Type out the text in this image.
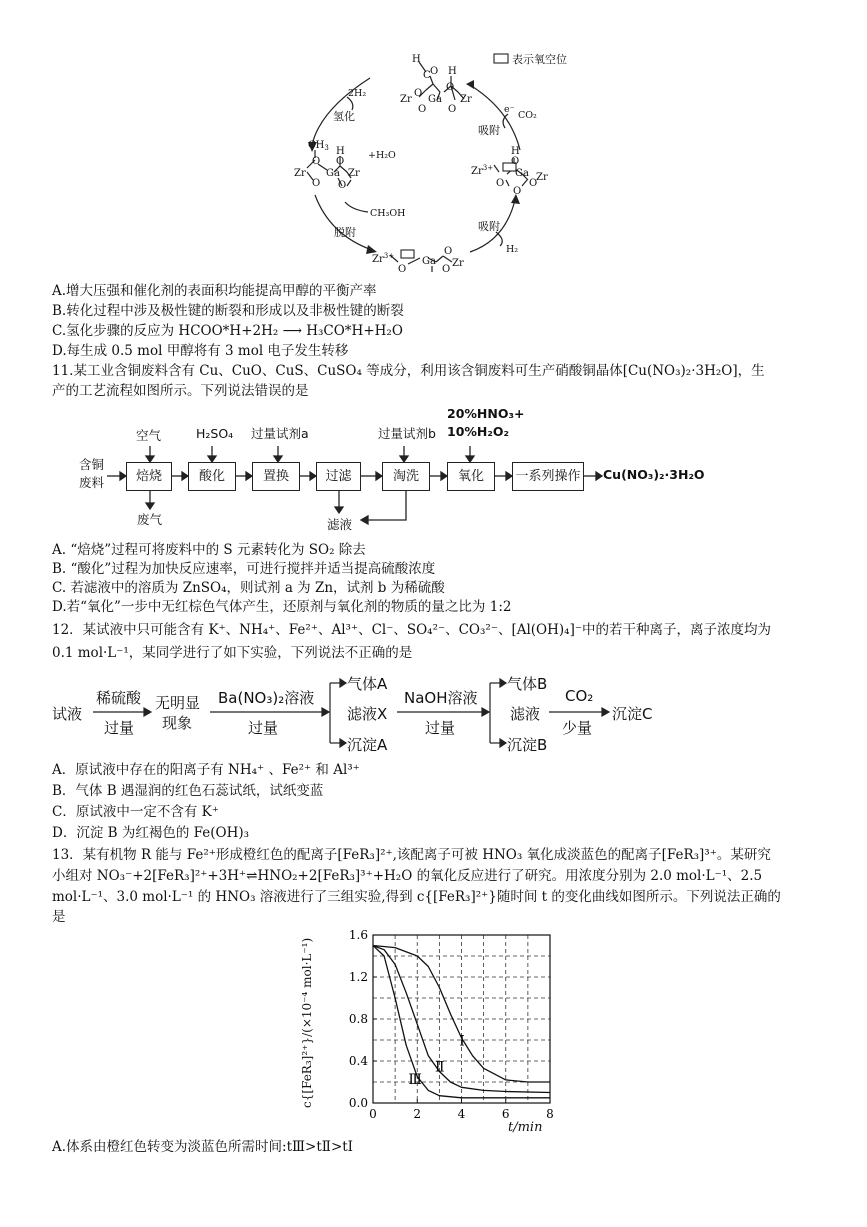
H
C O H
O
Zr
O
Ga Zr
O O
$CH_3$
O
H
O
Zr
O
Ga Zr
O
$Zr^{3+}$
H
O
O
Ga
O
Zr
O
$Zr^{3+}$
O
Ga
O
Zr
O
表示氧空位
2H₂
氢化
e⁻
CO₂
吸附
+H₂O
CH₃OH
脱附	吸附
H₂
A.增大压强和催化剂的表面积均能提高甲醇的平衡产率
B.转化过程中涉及极性键的断裂和形成以及非极性键的断裂
C.氢化步骤的反应为 HCOO*H+2H₂ ⟶ H₃CO*H+H₂O
D.每生成 0.5 mol 甲醇将有 3 mol 电子发生转移
11.某工业含铜废料含有 Cu、CuO、CuS、CuSO₄ 等成分，利用该含铜废料可生产硝酸铜晶体[Cu(NO₃)₂·3H₂O]，生
产的工艺流程如图所示。下列说法错误的是
含铜
废料	焙烧	酸化	置换	过滤	淘洗	氧化	一系列操作 Cu(NO₃)₂·3H₂O
空气	H₂SO₄ 过量试剂a	过量试剂b
20%HNO₃+
10%H₂O₂
废气	滤液
A. “焙烧”过程可将废料中的 S 元素转化为 SO₂ 除去
B. “酸化”过程为加快反应速率，可进行搅拌并适当提高硫酸浓度
C. 若滤液中的溶质为 ZnSO₄，则试剂 a 为 Zn，试剂 b 为稀硫酸
D.若“氧化”一步中无红棕色气体产生，还原剂与氧化剂的物质的量之比为 1:2
12．某试液中只可能含有 K⁺、NH₄⁺、Fe²⁺、Al³⁺、Cl⁻、SO₄²⁻、CO₃²⁻、[Al(OH)₄]⁻中的若干种离子，离子浓度均为
0.1 mol·L⁻¹，某同学进行了如下实验，下列说法不正确的是
试液
稀硫酸
过量
无明显
现象
Ba(NO₃)₂溶液
过量
气体A
滤液X
沉淀A
NaOH溶液
过量
气体B
滤液
沉淀B
CO₂
少量
沉淀C
A．原试液中存在的阳离子有 NH₄⁺ 、Fe²⁺ 和 Al³⁺
B．气体 B 遇湿润的红色石蕊试纸，试纸变蓝
C．原试液中一定不含有 K⁺
D．沉淀 B 为红褐色的 Fe(OH)₃
13．某有机物 R 能与 Fe²⁺形成橙红色的配离子[FeR₃]²⁺,该配离子可被 HNO₃ 氧化成淡蓝色的配离子[FeR₃]³⁺。某研究
小组对 NO₃⁻+2[FeR₃]²⁺+3H⁺⇌HNO₂+2[FeR₃]³⁺+H₂O 的氧化反应进行了研究。用浓度分别为 2.0 mol·L⁻¹、2.5
mol·L⁻¹、3.0 mol·L⁻¹ 的 HNO₃ 溶液进行了三组实验,得到 c{[FeR₃]²⁺}随时间 t 的变化曲线如图所示。下列说法正确的
是
0	2	4	6	8
0.0
0.4
0.8
1.2
1.6
Ⅰ
Ⅱ
Ⅲ
c{[FeR₃]²⁺}/(×10⁻⁴ mol·L⁻¹)
t/min
A.体系由橙红色转变为淡蓝色所需时间:tⅢ>tⅡ>tⅠ
